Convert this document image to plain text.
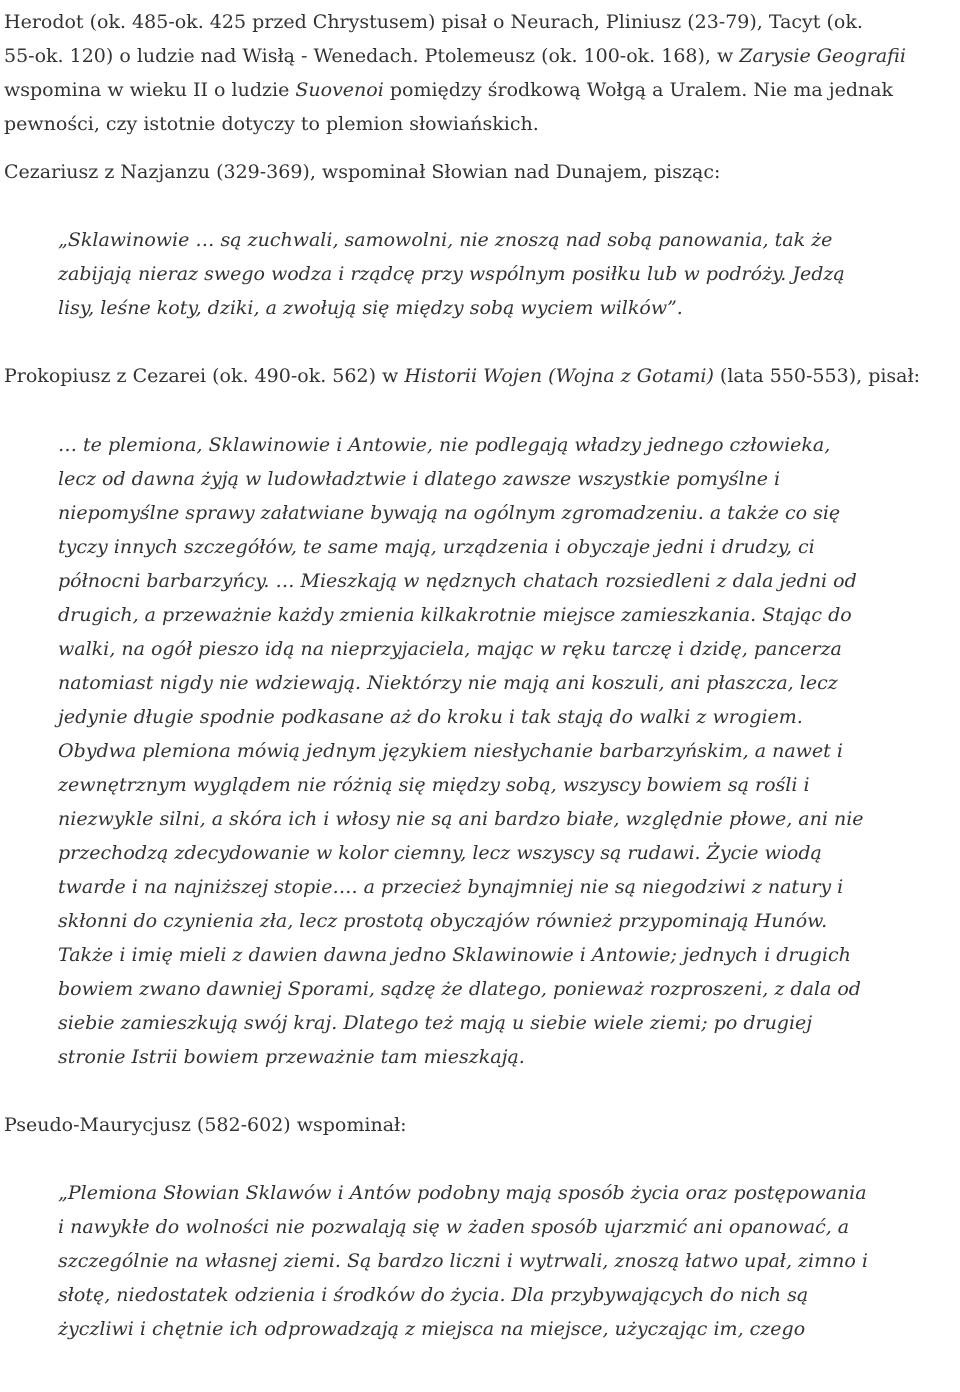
Herodot (ok. 485-ok. 425 przed Chrystusem) pisał o Neurach, Pliniusz (23-79), Tacyt (ok.
55-ok. 120) o ludzie nad Wisłą - Wenedach. Ptolemeusz (ok. 100-ok. 168), w Zarysie Geografii
wspomina w wieku II o ludzie Suovenoi pomiędzy środkową Wołgą a Uralem. Nie ma jednak
pewności, czy istotnie dotyczy to plemion słowiańskich.

Cezariusz z Nazjanzu (329-369), wspominał Słowian nad Dunajem, pisząc:

„Sklawinowie … są zuchwali, samowolni, nie znoszą nad sobą panowania, tak że
zabijają nieraz swego wodza i rządcę przy wspólnym posiłku lub w podróży. Jedzą
lisy, leśne koty, dziki, a zwołują się między sobą wyciem wilków”.

Prokopiusz z Cezarei (ok. 490-ok. 562) w Historii Wojen (Wojna z Gotami) (lata 550-553), pisał:

… te plemiona, Sklawinowie i Antowie, nie podlegają władzy jednego człowieka,
lecz od dawna żyją w ludowładztwie i dlatego zawsze wszystkie pomyślne i
niepomyślne sprawy załatwiane bywają na ogólnym zgromadzeniu. a także co się
tyczy innych szczegółów, te same mają, urządzenia i obyczaje jedni i drudzy, ci
północni barbarzyńcy. … Mieszkają w nędznych chatach rozsiedleni z dala jedni od
drugich, a przeważnie każdy zmienia kilkakrotnie miejsce zamieszkania. Stając do
walki, na ogół pieszo idą na nieprzyjaciela, mając w ręku tarczę i dzidę, pancerza
natomiast nigdy nie wdziewają. Niektórzy nie mają ani koszuli, ani płaszcza, lecz
jedynie długie spodnie podkasane aż do kroku i tak stają do walki z wrogiem.
Obydwa plemiona mówią jednym językiem niesłychanie barbarzyńskim, a nawet i
zewnętrznym wyglądem nie różnią się między sobą, wszyscy bowiem są rośli i
niezwykle silni, a skóra ich i włosy nie są ani bardzo białe, względnie płowe, ani nie
przechodzą zdecydowanie w kolor ciemny, lecz wszyscy są rudawi. Życie wiodą
twarde i na najniższej stopie…. a przecież bynajmniej nie są niegodziwi z natury i
skłonni do czynienia zła, lecz prostotą obyczajów również przypominają Hunów.
Także i imię mieli z dawien dawna jedno Sklawinowie i Antowie; jednych i drugich
bowiem zwano dawniej Sporami, sądzę że dlatego, ponieważ rozproszeni, z dala od
siebie zamieszkują swój kraj. Dlatego też mają u siebie wiele ziemi; po drugiej
stronie Istrii bowiem przeważnie tam mieszkają.

Pseudo-Maurycjusz (582-602) wspominał:

„Plemiona Słowian Sklawów i Antów podobny mają sposób życia oraz postępowania
i nawykłe do wolności nie pozwalają się w żaden sposób ujarzmić ani opanować, a
szczególnie na własnej ziemi. Są bardzo liczni i wytrwali, znoszą łatwo upał, zimno i
słotę, niedostatek odzienia i środków do życia. Dla przybywających do nich są
życzliwi i chętnie ich odprowadzają z miejsca na miejsce, użyczając im, czego
